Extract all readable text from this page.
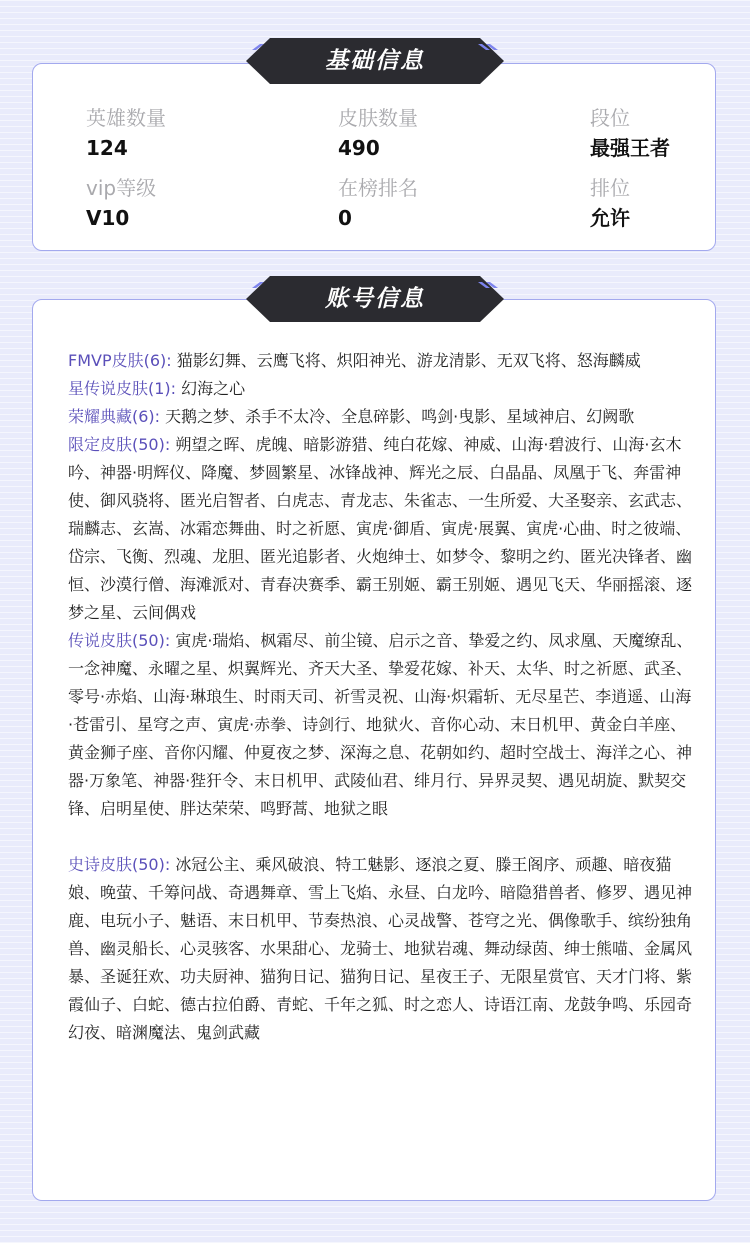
基础信息
英雄数量
124
皮肤数量
490
段位
最强王者
vip等级
V10
在榜排名
0
排位
允许
账号信息

FMVP皮肤(6): 猫影幻舞、云鹰飞将、炽阳神光、游龙清影、无双飞将、怒海麟威

星传说皮肤(1): 幻海之心

荣耀典藏(6): 天鹅之梦、杀手不太冷、全息碎影、鸣剑·曳影、星域神启、幻阙歌

限定皮肤(50): 朔望之晖、虎魄、暗影游猎、纯白花嫁、神威、山海·碧波行、山海·玄木吟、神器·明辉仪、降魔、梦圆繁星、冰锋战神、辉光之辰、白晶晶、凤凰于飞、奔雷神使、御风骁将、匿光启智者、白虎志、青龙志、朱雀志、一生所爱、大圣娶亲、玄武志、瑞麟志、玄嵩、冰霜恋舞曲、时之祈愿、寅虎·御盾、寅虎·展翼、寅虎·心曲、时之彼端、岱宗、飞衡、烈魂、龙胆、匿光追影者、火炮绅士、如梦令、黎明之约、匿光决锋者、幽恒、沙漠行僧、海滩派对、青春决赛季、霸王别姬、霸王别姬、遇见飞天、华丽摇滚、逐梦之星、云间偶戏

传说皮肤(50): 寅虎·瑞焰、枫霜尽、前尘镜、启示之音、挚爱之约、凤求凰、天魔缭乱、一念神魔、永曜之星、炽翼辉光、齐天大圣、挚爱花嫁、补天、太华、时之祈愿、武圣、零号·赤焰、山海·琳琅生、时雨天司、祈雪灵祝、山海·炽霜斩、无尽星芒、李逍遥、山海·苍雷引、星穹之声、寅虎·赤拳、诗剑行、地狱火、音你心动、末日机甲、黄金白羊座、黄金狮子座、音你闪耀、仲夏夜之梦、深海之息、花朝如约、超时空战士、海洋之心、神器·万象笔、神器·狴犴令、末日机甲、武陵仙君、绯月行、异界灵契、遇见胡旋、默契交锋、启明星使、胖达荣荣、鸣野蒿、地狱之眼

史诗皮肤(50): 冰冠公主、乘风破浪、特工魅影、逐浪之夏、滕王阁序、顽趣、暗夜猫娘、晚萤、千筹问战、奇遇舞章、雪上飞焰、永昼、白龙吟、暗隐猎兽者、修罗、遇见神鹿、电玩小子、魅语、末日机甲、节奏热浪、心灵战警、苍穹之光、偶像歌手、缤纷独角兽、幽灵船长、心灵骇客、水果甜心、龙骑士、地狱岩魂、舞动绿茵、绅士熊喵、金属风暴、圣诞狂欢、功夫厨神、猫狗日记、猫狗日记、星夜王子、无限星赏官、天才门将、紫霞仙子、白蛇、德古拉伯爵、青蛇、千年之狐、时之恋人、诗语江南、龙鼓争鸣、乐园奇幻夜、暗渊魔法、鬼剑武藏
